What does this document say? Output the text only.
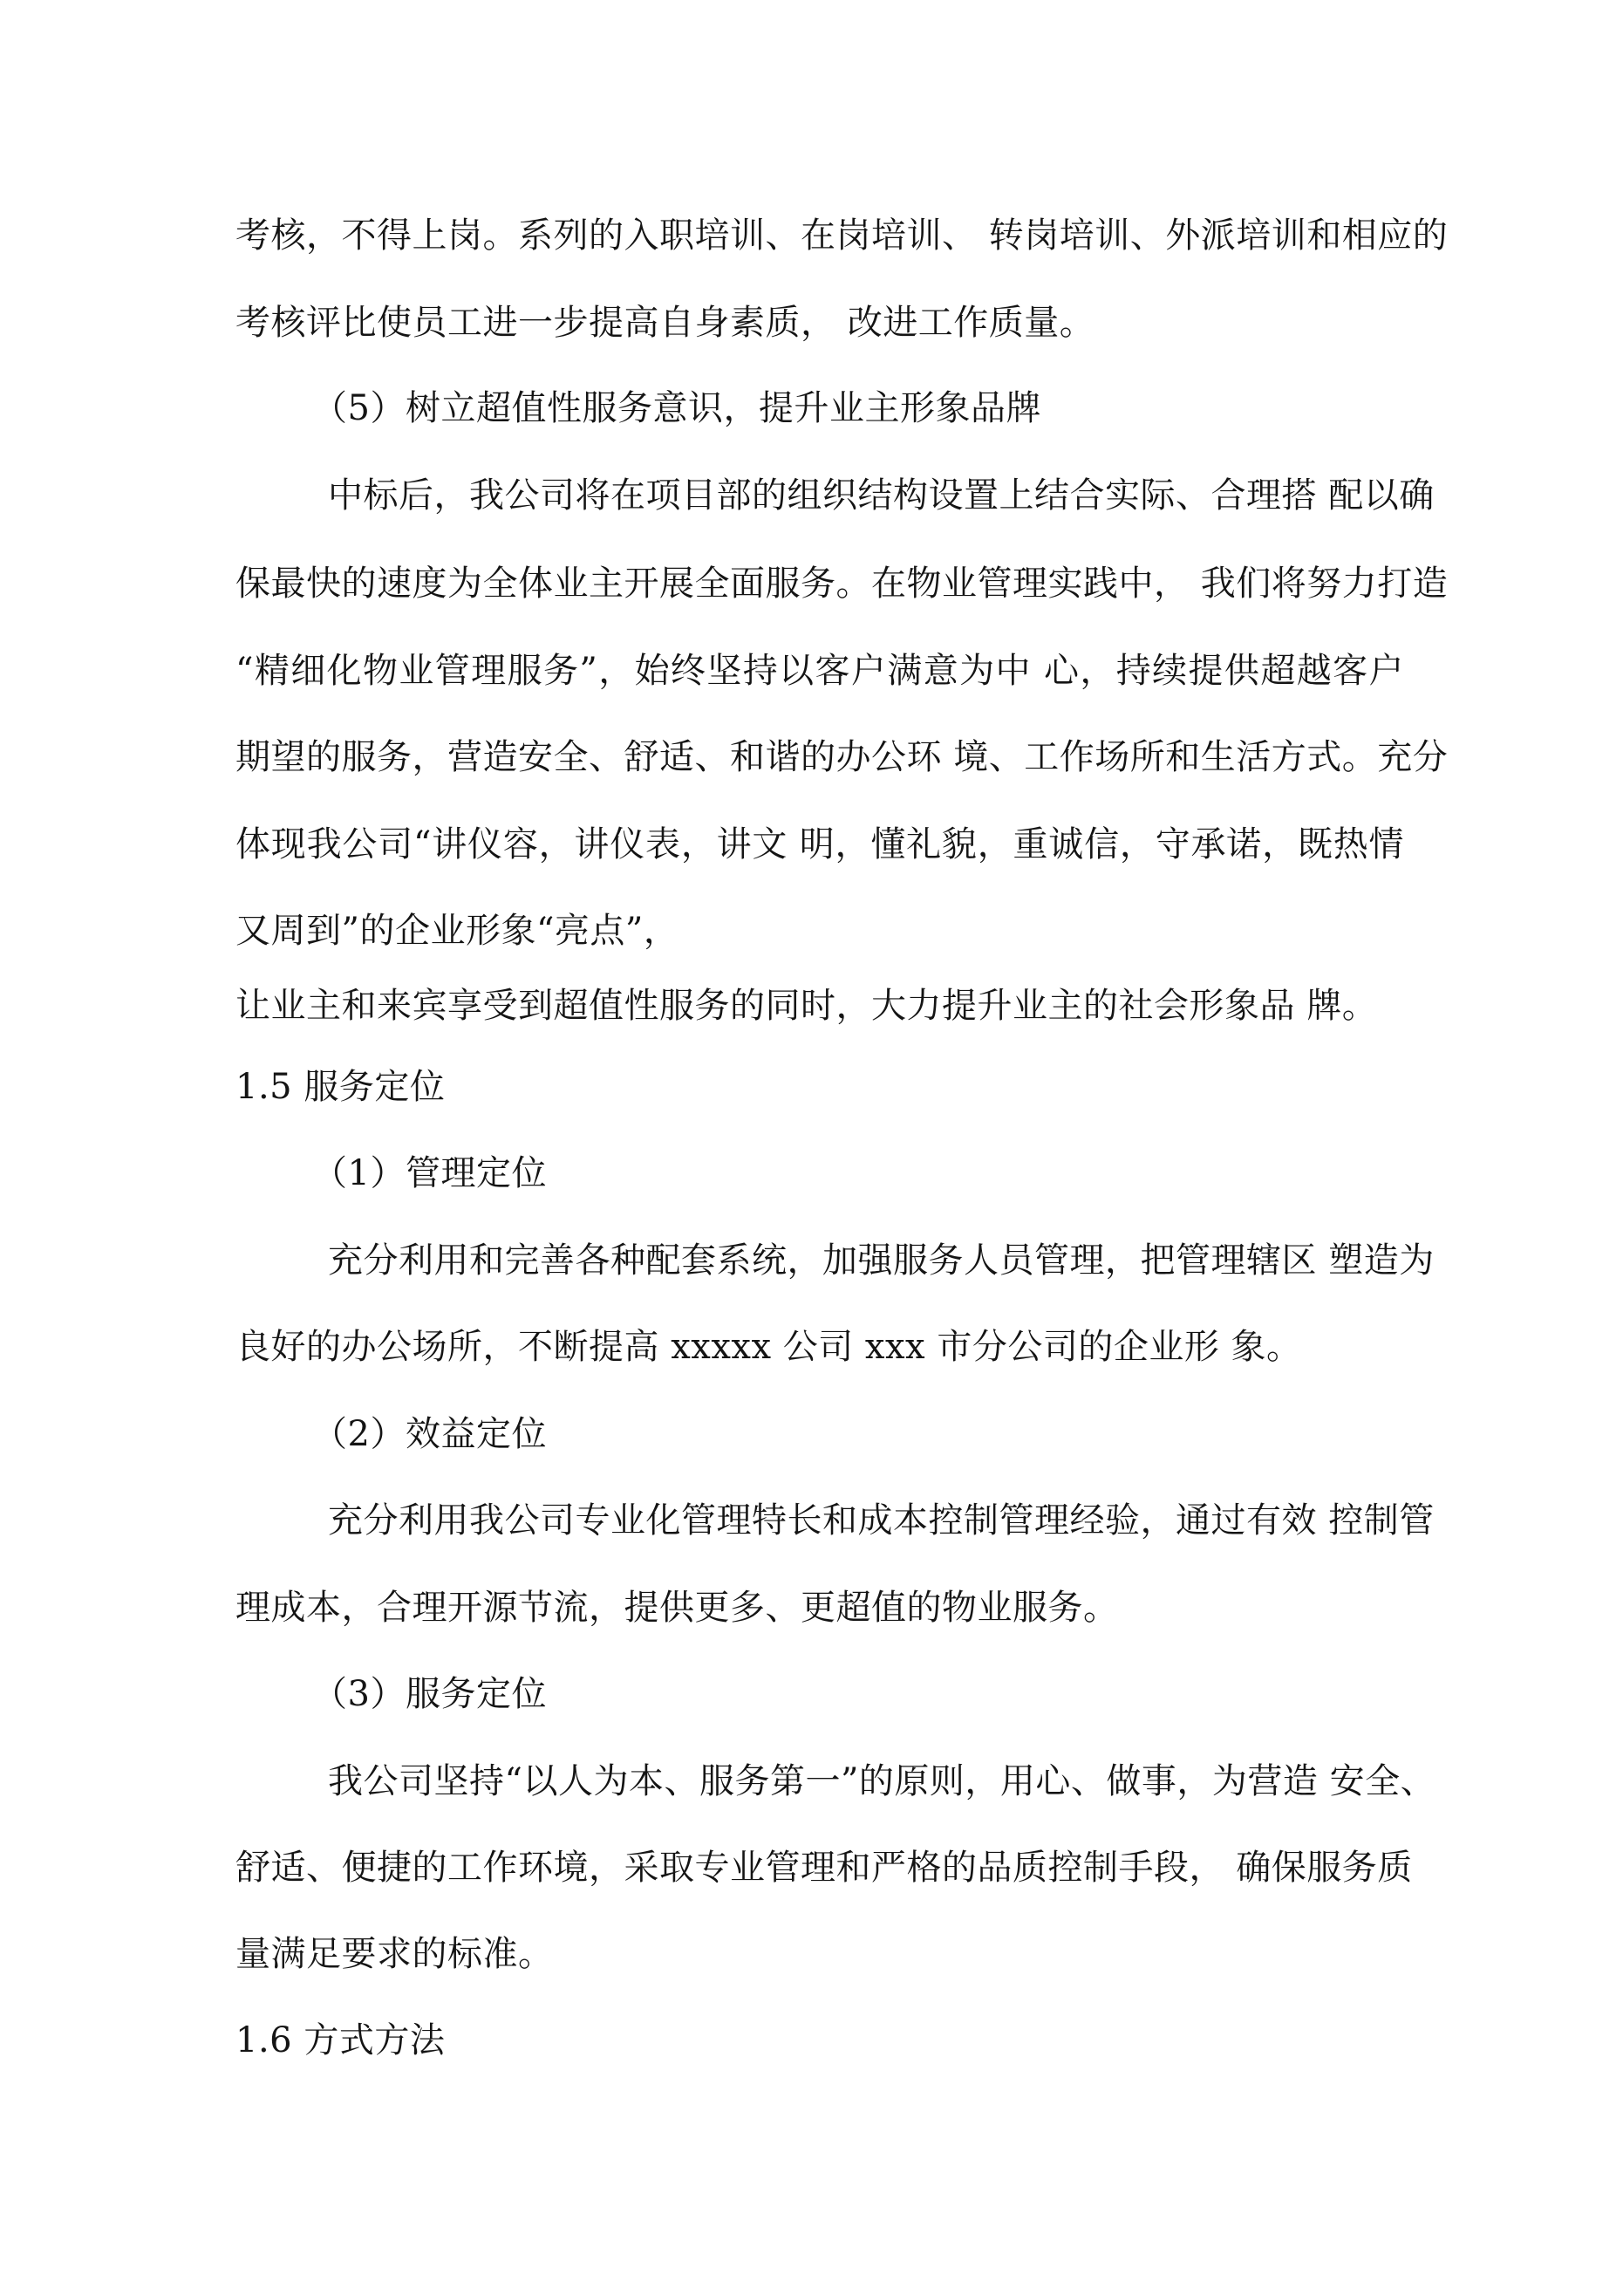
考核，不得上岗。系列的入职培训、在岗培训、 转岗培训、外派培训和相应的
考核评比使员工进一步提高自身素质， 改进工作质量。
（5）树立超值性服务意识，提升业主形象品牌
中标后，我公司将在项目部的组织结构设置上结合实际、合理搭 配以确
保最快的速度为全体业主开展全面服务。在物业管理实践中， 我们将努力打造
“精细化物业管理服务”，始终坚持以客户满意为中 心，持续提供超越客户
期望的服务，营造安全、舒适、和谐的办公环 境、工作场所和生活方式。充分
体现我公司“讲仪容，讲仪表，讲文 明，懂礼貌，重诚信，守承诺，既热情
又周到”的企业形象“亮点”，
让业主和来宾享受到超值性服务的同时，大力提升业主的社会形象品 牌。
1.5 服务定位
（1）管理定位
充分利用和完善各种配套系统，加强服务人员管理，把管理辖区 塑造为
良好的办公场所，不断提高 xxxxx 公司 xxx 市分公司的企业形 象。
（2）效益定位
充分利用我公司专业化管理特长和成本控制管理经验，通过有效 控制管
理成本，合理开源节流，提供更多、更超值的物业服务。
（3）服务定位
我公司坚持“以人为本、服务第一”的原则，用心、做事，为营造 安全、
舒适、便捷的工作环境，采取专业管理和严格的品质控制手段， 确保服务质
量满足要求的标准。
1.6 方式方法
